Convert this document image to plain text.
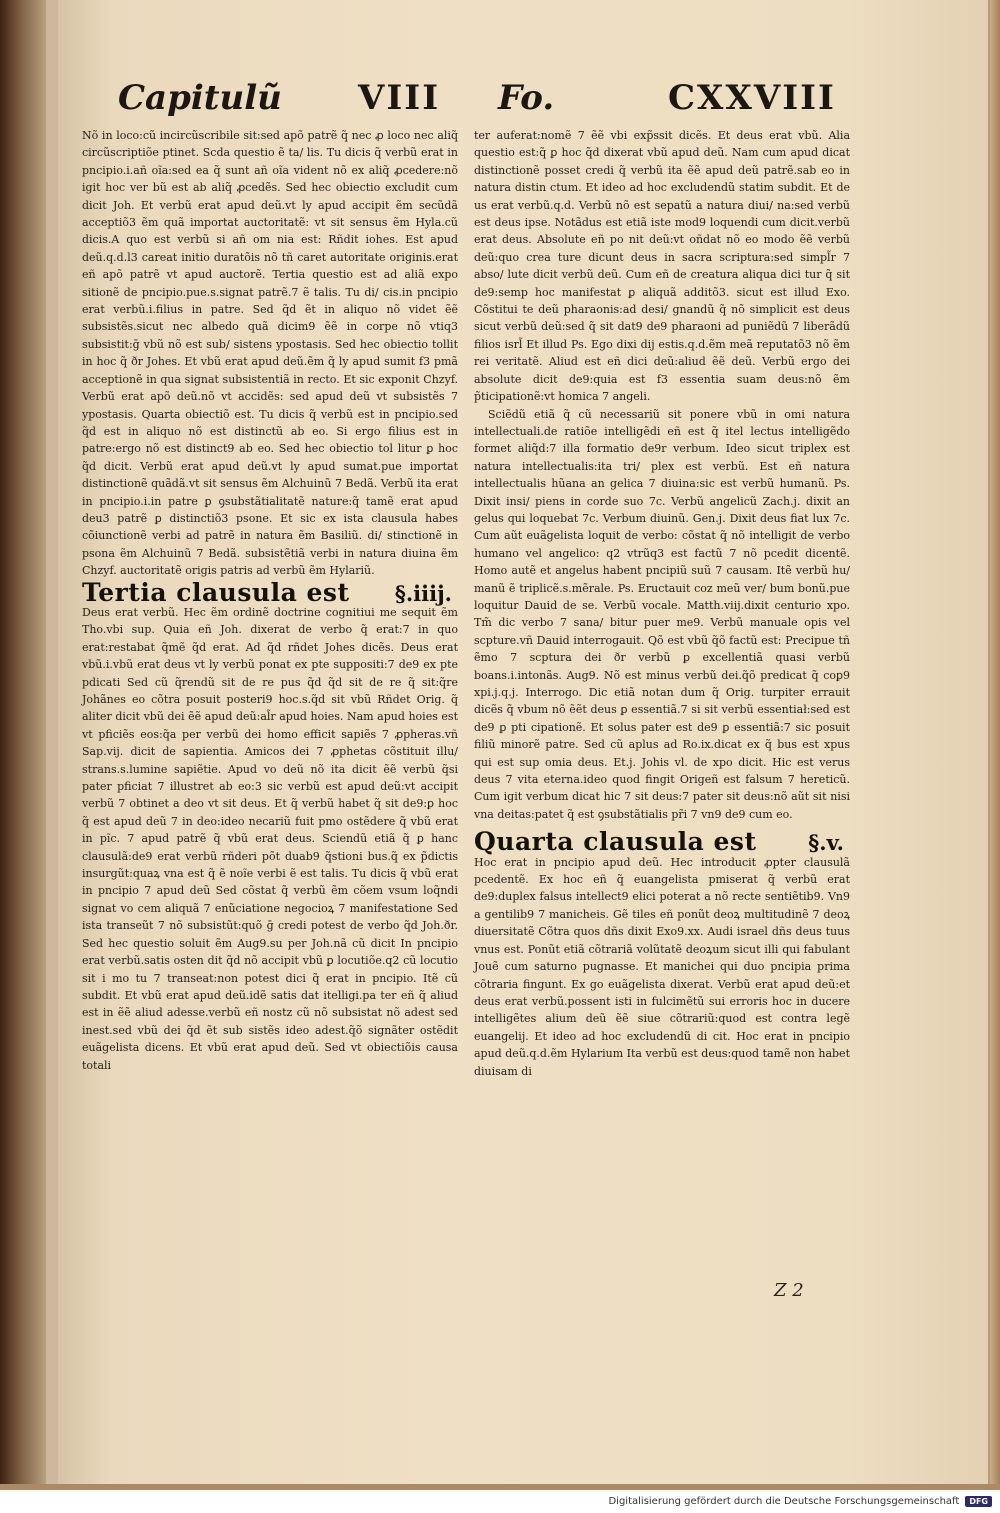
Capitulũ VIII Fo.	CXXVIII

Nõ in loco:cũ incircũscribile sit:sed apõ patrẽ q̃ nec ꝓ loco nec aliq̃ circũscriptiõe ptinet. Scda questio ẽ ta/ lis. Tu dicis q̃ verbũ erat in pncipio.i.añ oĩa:sed ea q̃ sunt añ oĩa vident nõ ex aliq̃ ꝓcedere:nõ igit hoc ver bũ est ab aliq̃ ꝓcedẽs. Sed hec obiectio excludit cum dicit Joh. Et verbũ erat apud deũ.vt ly apud accipit ẽm secũdã acceptiõ3 ẽm quã importat auctoritatẽ: vt sit sensus ẽm Hyla.cũ dicis.A quo est verbũ si añ om nia est: Rñdit iohes. Est apud deũ.q.d.l3 careat initio duratõis nõ tñ caret autoritate originis.erat eñ apõ patrẽ vt apud auctorẽ. Tertia questio est ad aliã expo sitionẽ de pncipio.pue.s.signat patrẽ.7 ẽ talis. Tu di/ cis.in pncipio erat verbũ.i.filius in patre. Sed q̃d ẽt in aliquo nõ videt ẽẽ subsistẽs.sicut nec albedo quã dicim9 ẽẽ in corpe nõ vtiq3 subsistit:ḡ vbũ nõ est sub/ sistens ypostasis. Sed hec obiectio tollit in hoc q̃ ðr Johes. Et vbũ erat apud deũ.ẽm q̃ ly apud sumit f3 pmã acceptionẽ in qua signat subsistentiã in recto. Et sic exponit Chzyf. Verbũ erat apõ deũ.nõ vt accidẽs: sed apud deũ vt subsistẽs 7 ypostasis. Quarta obiectiõ est. Tu dicis q̃ verbũ est in pncipio.sed q̃d est in aliquo nõ est distinctũ ab eo. Si ergo filius est in patre:ergo nõ est distinct9 ab eo. Sed hec obiectio tol litur ꝑ hoc q̃d dicit. Verbũ erat apud deũ.vt ly apud sumat.pue importat distinctionẽ quãdã.vt sit sensus ẽm Alchuinũ 7 Bedã. Verbũ ita erat in pncipio.i.in patre ꝑ ꝯsubstãtialitatẽ nature:q̃ tamẽ erat apud deu3 patrẽ ꝑ distinctiõ3 psone. Et sic ex ista clausula habes cõiunctionẽ verbi ad patrẽ in natura ẽm Basiliũ. di/ stinctionẽ in psona ẽm Alchuinũ 7 Bedã. subsistẽtiã verbi in natura diuina ẽm Chzyf. auctoritatẽ origis patris ad verbũ ẽm Hylariũ.

Tertia clausula est §.iiij.

Deus erat verbũ. Hec ẽm ordinẽ doctrine cognitiui me sequit ẽm Tho.vbi sup. Quia eñ Joh. dixerat de verbo q̃ erat:7 in quo erat:restabat q̃mẽ q̃d erat. Ad q̃d rñdet Johes dicẽs. Deus erat vbũ.i.vbũ erat deus vt ly verbũ ponat ex pte suppositi:7 de9 ex pte pdicati Sed cũ q̃rendũ sit de re pus q̃d q̃d sit de re q̃ sit:q̃re Johãnes eo cõtra posuit posteri9 hoc.s.q̃d sit vbũ Rñdet Orig. q̃ aliter dicit vbũ dei ẽẽ apud deũ:al̃r apud hoies. Nam apud hoies est vt pficiẽs eos:q̃a per verbũ dei homo efficit sapiẽs 7 ꝓpheras.vñ Sap.vij. dicit de sapientia. Amicos dei 7 ꝓphetas cõstituit illu/ strans.s.lumine sapiẽtie. Apud vo deũ nõ ita dicit ẽẽ verbũ q̃si pater pficiat 7 illustret ab eo:3 sic verbũ est apud deũ:vt accipit verbũ 7 obtinet a deo vt sit deus. Et q̃ verbũ habet q̃ sit de9:ꝑ hoc q̃ est apud deũ 7 in deo:ideo necariũ fuit pmo ostẽdere q̃ vbũ erat in pĩc. 7 apud patrẽ q̃ vbũ erat deus. Sciendũ etiã q̃ ꝑ hanc clausulã:de9 erat verbũ rñderi põt duab9 q̃stioni bus.q̃ ex p̃dictis insurgũt:quaꝝ vna est q̃ ẽ noĩe verbi ẽ est talis. Tu dicis q̃ vbũ erat in pncipio 7 apud deũ Sed cõstat q̃ verbũ ẽm cõem vsum loq̃ndi signat vo cem aliquã 7 enũciatione negocioꝝ 7 manifestatione Sed ista transeũt 7 nõ subsistũt:quõ ḡ credi potest de verbo q̃d Joh.ðr. Sed hec questio soluit ẽm Aug9.su per Joh.nã cũ dicit In pncipio erat verbũ.satis osten dit q̃d nõ accipit vbũ ꝑ locutiõe.q2 cũ locutio sit i mo tu 7 transeat:non potest dici q̃ erat in pncipio. Itẽ cũ subdit. Et vbũ erat apud deũ.idẽ satis dat itelligi.pa ter eñ q̃ aliud est in ẽẽ aliud adesse.verbũ eñ nostz cũ nõ subsistat nõ adest sed inest.sed vbũ dei q̃d ẽt sub sistẽs ideo adest.q̃õ signãter ostẽdit euãgelista dicens. Et vbũ erat apud deũ. Sed vt obiectiõis causa totali

ter auferat:nomẽ 7 ẽẽ vbi exp̃ssit dicẽs. Et deus erat vbũ. Alia questio est:q̃ ꝑ hoc q̃d dixerat vbũ apud deũ. Nam cum apud dicat distinctionẽ posset credi q̃ verbũ ita ẽẽ apud deũ patrẽ.sab eo in natura distin ctum. Et ideo ad hoc excludendũ statim subdit. Et de us erat verbũ.q.d. Verbũ nõ est sepatũ a natura diui/ na:sed verbũ est deus ipse. Notãdus est etiã iste mod9 loquendi cum dicit.verbũ erat deus. Absolute eñ po nit deũ:vt oñdat nõ eo modo ẽẽ verbũ deũ:quo crea ture dicunt deus in sacra scriptura:sed simpl̃r 7 abso/ lute dicit verbũ deũ. Cum eñ de creatura aliqua dici tur q̃ sit de9:semp hoc manifestat ꝑ aliquã additõ3. sicut est illud Exo. Cõstitui te deũ pharaonis:ad desi/ gnandũ q̃ nõ simplicit est deus sicut verbũ deũ:sed q̃ sit dat9 de9 pharaoni ad puniẽdũ 7 liberãdũ filios isrl̃ Et illud Ps. Ego dixi dij estis.q.d.ẽm meã reputatõ3 nõ ẽm rei veritatẽ. Aliud est eñ dici deũ:aliud ẽẽ deũ. Verbũ ergo dei absolute dicit de9:quia est f3 essentia suam deus:nõ ẽm p̃ticipationẽ:vt homica 7 angeli.

Sciẽdũ etiã q̃ cũ necessariũ sit ponere vbũ in omi natura intellectuali.de ratiõe intelligẽdi eñ est q̃ itel lectus intelligẽdo formet aliq̃d:7 illa formatio de9r verbum. Ideo sicut triplex est natura intellectualis:ita tri/ plex est verbũ. Est eñ natura intellectualis hũana an gelica 7 diuina:sic est verbũ humanũ. Ps. Dixit insi/ piens in corde suo 7c. Verbũ angelicũ Zach.j. dixit an gelus qui loquebat 7c. Verbum diuinũ. Gen.j. Dixit deus fiat lux 7c. Cum aũt euãgelista loquit de verbo: cõstat q̃ nõ intelligit de verbo humano vel angelico: q2 vtrũq3 est factũ 7 nõ pcedit dicentẽ. Homo autẽ et angelus habent pncipiũ suũ 7 causam. Itẽ verbũ hu/ manũ ẽ triplicẽ.s.mẽrale. Ps. Eructauit coz meũ ver/ bum bonũ.pue loquitur Dauid de se. Verbũ vocale. Matth.viij.dixit centurio xpo. Tm̃ dic verbo 7 sana/ bitur puer me9. Verbũ manuale opis vel scpture.vñ Dauid interrogauit. Qõ est vbũ q̃õ factũ est: Precipue tñ ẽmo 7 scptura dei ðr verbũ ꝑ excellentiã quasi verbũ boans.i.intonãs. Aug9. Nõ est minus verbũ dei.q̃õ predicat q̃ coꝑ9 xpi.j.q.j. Interrogo. Dic etiã notan dum q̃ Orig. turpiter errauit dicẽs q̃ vbum nõ ẽẽt deus ꝑ essentiã.7 si sit verbũ essentiał:sed est de9 ꝑ pti cipationẽ. Et solus pater est de9 ꝑ essentiã:7 sic posuit filiũ minorẽ patre. Sed cũ aplus ad Ro.ix.dicat ex q̃ bus est xpus qui est sup omia deus. Et.j. Johis vl. de xpo dicit. Hic est verus deus 7 vita eterna.ideo quod fingit Origeñ est falsum 7 hereticũ. Cum igit verbum dicat hic 7 sit deus:7 pater sit deus:nõ aũt sit nisi vna deitas:patet q̃ est ꝯsubstãtialis pr̃i 7 vn9 de9 cum eo.

Quarta clausula est §.v.

Hoc erat in pncipio apud deũ. Hec introducit ꝓpter clausulã pcedentẽ. Ex hoc eñ q̃ euangelista pmiserat q̃ verbũ erat de9:duplex falsus intellect9 elici poterat a nõ recte sentiẽtib9. Vn9 a gentilib9 7 manicheis. Gẽ tiles eñ ponũt deoꝝ multitudinẽ 7 deoꝝ diuersitatẽ Cõtra quos dñs dixit Exo9.xx. Audi israel dñs deus tuus vnus est. Ponũt etiã cõtrariã volũtatẽ deoꝝum sicut illi qui fabulant Jouẽ cum saturno pugnasse. Et manichei qui duo pncipia prima cõtraria fingunt. Ex go euãgelista dixerat. Verbũ erat apud deũ:et deus erat verbũ.possent isti in fulcimẽtũ sui erroris hoc in ducere intelligẽtes alium deũ ẽẽ siue cõtrariũ:quod est contra legẽ euangelij. Et ideo ad hoc excludendũ di cit. Hoc erat in pncipio apud deũ.q.d.ẽm Hylarium Ita verbũ est deus:quod tamẽ non habet diuisam di

Z 2
Digitalisierung gefördert durch die Deutsche Forschungsgemeinschaft	DFG
